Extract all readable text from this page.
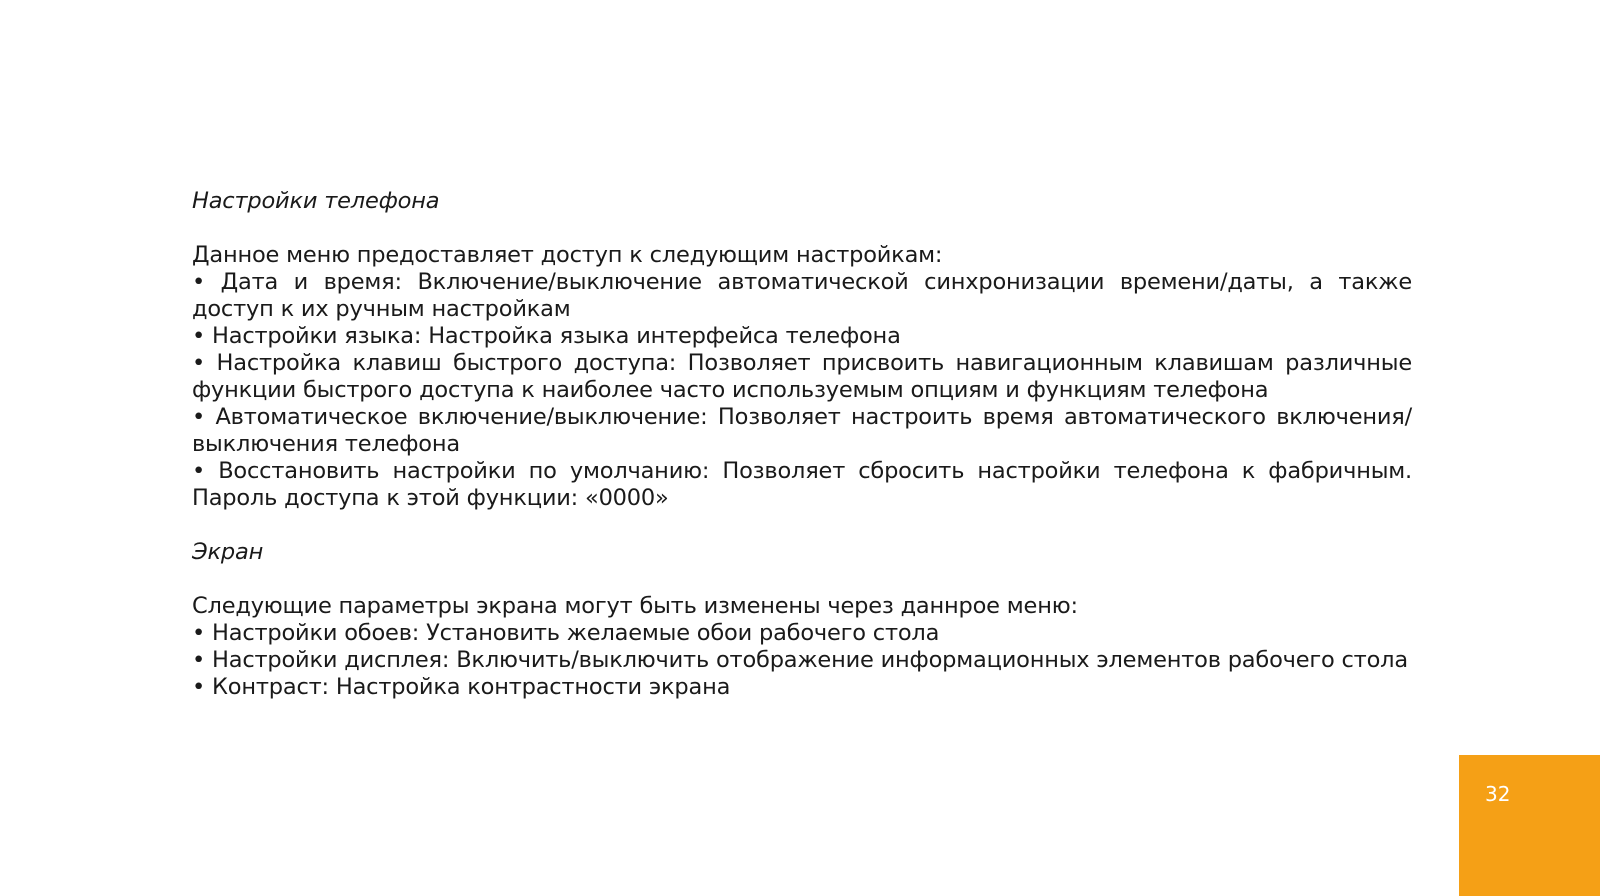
Настройки телефона

Данное меню предоставляет доступ к следующим настройкам:

• Дата и время: Включение/выключение автоматической синхронизации времени/даты, а также доступ к их ручным настройкам
• Настройки языка: Настройка языка интерфейса телефона
• Настройка клавиш быстрого доступа: Позволяет присвоить навигационным клавишам различные функции быстрого доступа к наиболее часто используемым опциям и функциям телефона
• Автоматическое включение/выключение: Позволяет настроить время автоматического включения/выключения телефона
• Восстановить настройки по умолчанию: Позволяет сбросить настройки телефона к фабричным. Пароль доступа к этой функции: «0000»
Экран

Следующие параметры экрана могут быть изменены через даннрое меню:

• Настройки обоев: Установить желаемые обои рабочего стола
• Настройки дисплея: Включить/выключить отображение информационных элементов рабочего стола
• Контраст: Настройка контрастности экрана
32
